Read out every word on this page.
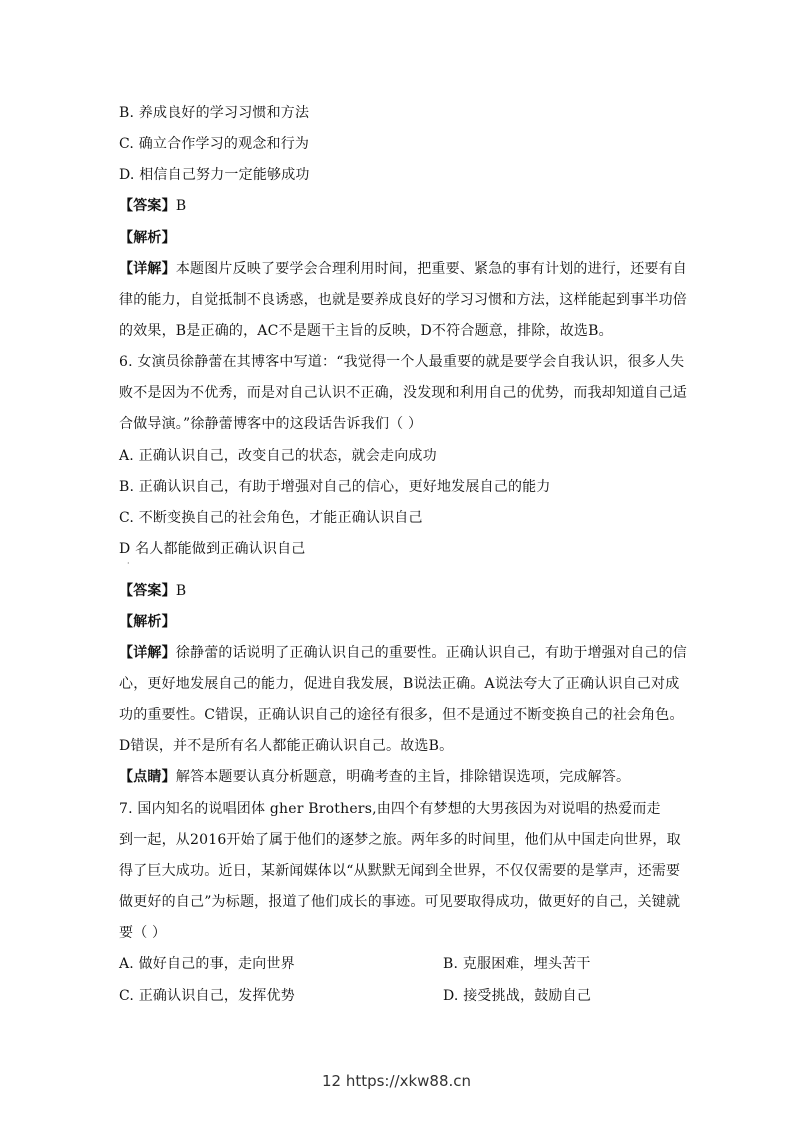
B. 养成良好的学习习惯和方法
C. 确立合作学习的观念和行为
D. 相信自己努力一定能够成功
【答案】B
【解析】
【详解】本题图片反映了要学会合理利用时间，把重要、紧急的事有计划的进行，还要有自
律的能力，自觉抵制不良诱惑，也就是要养成良好的学习习惯和方法，这样能起到事半功倍
的效果，B是正确的，AC不是题干主旨的反映，D不符合题意，排除，故选B。
6. 女演员徐静蕾在其博客中写道：“我觉得一个人最重要的就是要学会自我认识，很多人失
败不是因为不优秀，而是对自己认识不正确，没发现和利用自己的优势，而我却知道自己适
合做导演。”徐静蕾博客中的这段话告诉我们（ ）
A. 正确认识自己，改变自己的状态，就会走向成功
B. 正确认识自己，有助于增强对自己的信心，更好地发展自己的能力
C. 不断变换自己的社会角色，才能正确认识自己
D 名人都能做到正确认识自己
·
【答案】B
【解析】
【详解】徐静蕾的话说明了正确认识自己的重要性。正确认识自己，有助于增强对自己的信
心，更好地发展自己的能力，促进自我发展，B说法正确。A说法夸大了正确认识自己对成
功的重要性。C错误，正确认识自己的途径有很多，但不是通过不断变换自己的社会角色。
D错误，并不是所有名人都能正确认识自己。故选B。
【点睛】解答本题要认真分析题意，明确考查的主旨，排除错误选项，完成解答。
7. 国内知名的说唱团体 gher Brothers,由四个有梦想的大男孩因为对说唱的热爱而走
到一起，从2016开始了属于他们的逐梦之旅。两年多的时间里，他们从中国走向世界，取
得了巨大成功。近日，某新闻媒体以“从默默无闻到全世界，不仅仅需要的是掌声，还需要
做更好的自己”为标题，报道了他们成长的事迹。可见要取得成功，做更好的自己，关键就
要（ ）
A. 做好自己的事，走向世界	B. 克服困难，埋头苦干
C. 正确认识自己，发挥优势	D. 接受挑战，鼓励自己
12 https://xkw88.cn
